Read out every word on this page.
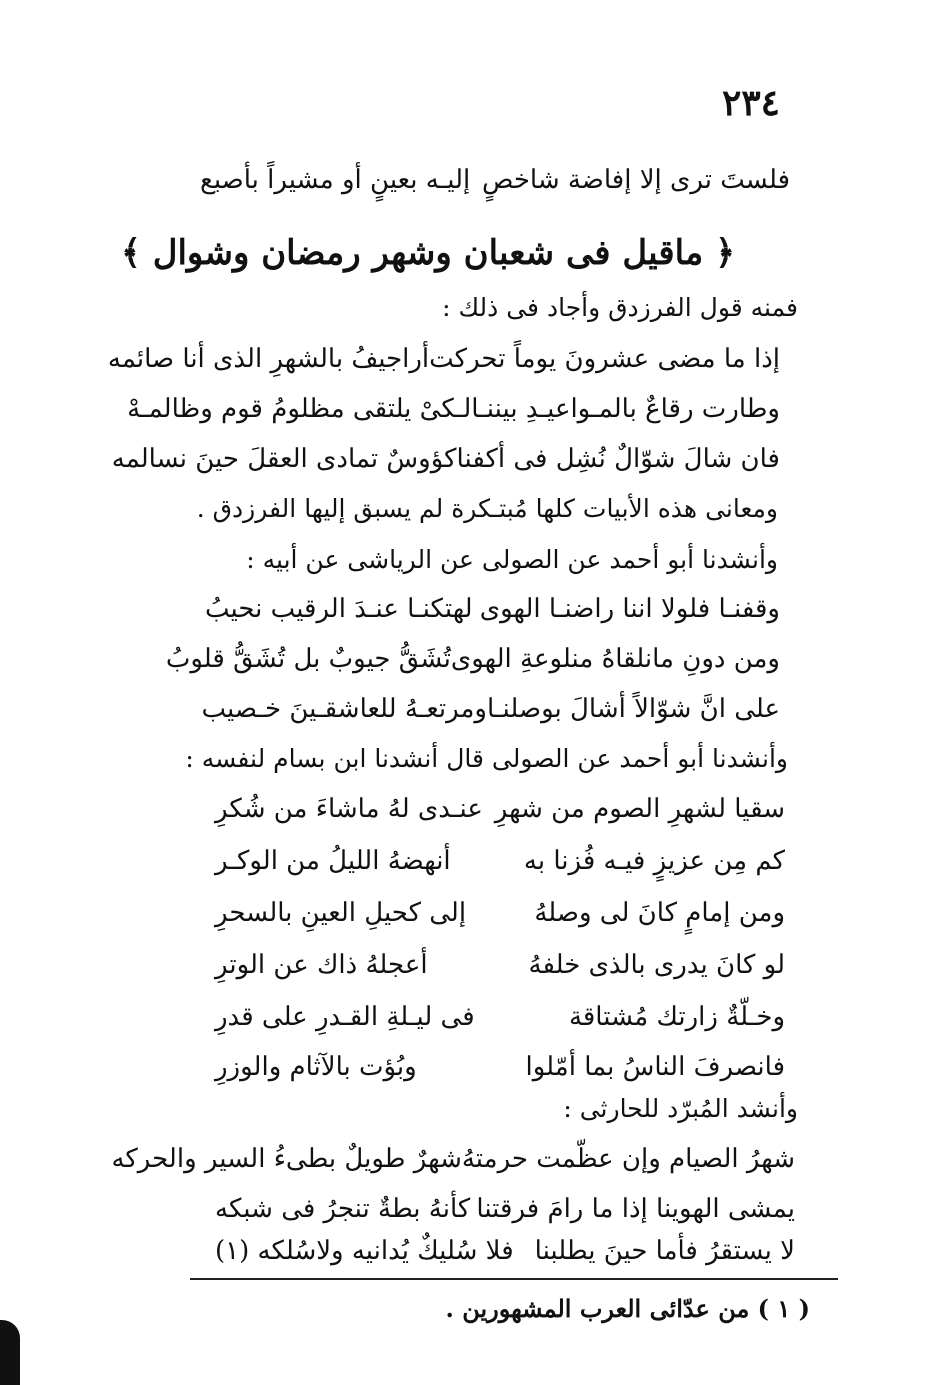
٢٣٤
فلستَ ترى إلا إفاضة شاخصٍ
إليـه بعينٍ أو مشيراً بأصبع
﴿ ماقيل فى شعبان وشهر رمضان وشوال ﴾
فمنه قول الفرزدق وأجاد فى ذلك :
إذا ما مضى عشرونَ يوماً تحركت
أراجيفُ بالشهرِ الذى أنا صائمه
وطارت رقاعٌ بالمـواعيـدِ بيننـا
لـكىْ يلتقى مظلومُ قوم وظالمـهْ
فان شالَ شوّالٌ نُشِل فى أكفنا
كؤوسٌ تمادى العقلَ حينَ نسالمه
ومعانى هذه الأبيات كلها مُبتـكرة لم يسبق إليها الفرزدق .
وأنشدنا أبو أحمد عن الصولى عن الرياشى عن أبيه :
وقفنـا فلولا اننا راضنـا الهوى
لهتكنـا عنـدَ الرقيب نحيبُ
ومن دونِ مانلقاهُ منلوعةِ الهوى
تُشَقُّ جيوبٌ بل تُشَقُّ قلوبُ
على انَّ شوّالاً أشالَ بوصلنـا
ومرتعـهُ للعاشقـينَ خـصيب
وأنشدنا أبو أحمد عن الصولى قال أنشدنا ابن بسام لنفسه :
سقيا لشهرِ الصوم من شهرِ
عنـدى لهُ ماشاءَ من شُكرِ
كم مِن عزيزٍ فيـه فُزنا به
أنهضهُ الليلُ من الوكـر
ومن إمامٍ كانَ لى وصلهُ
إلى كحيلِ العينِ بالسحرِ
لو كانَ يدرى بالذى خلفهُ
أعجلهُ ذاك عن الوترِ
وخـلّةٌ زارتك مُشتاقة
فى ليـلةِ القـدرِ على قدرِ
فانصرفَ الناسُ بما أمّلوا
وبُؤت بالآثام والوزرِ
وأنشد المُبرّد للحارثى :
شهرُ الصيام وإن عظّمت حرمتهُ
شهرٌ طويلٌ بطىءُ السير والحركه
يمشى الهوينا إذا ما رامَ فرقتنا
كأنهُ بطةٌ تنجرُ فى شبكه
لا يستقرُ فأما حينَ يطلبنا
فلا سُليكٌ يُدانيه ولاسُلكه (١)
( ١ ) من عدّائى العرب المشهورين .
